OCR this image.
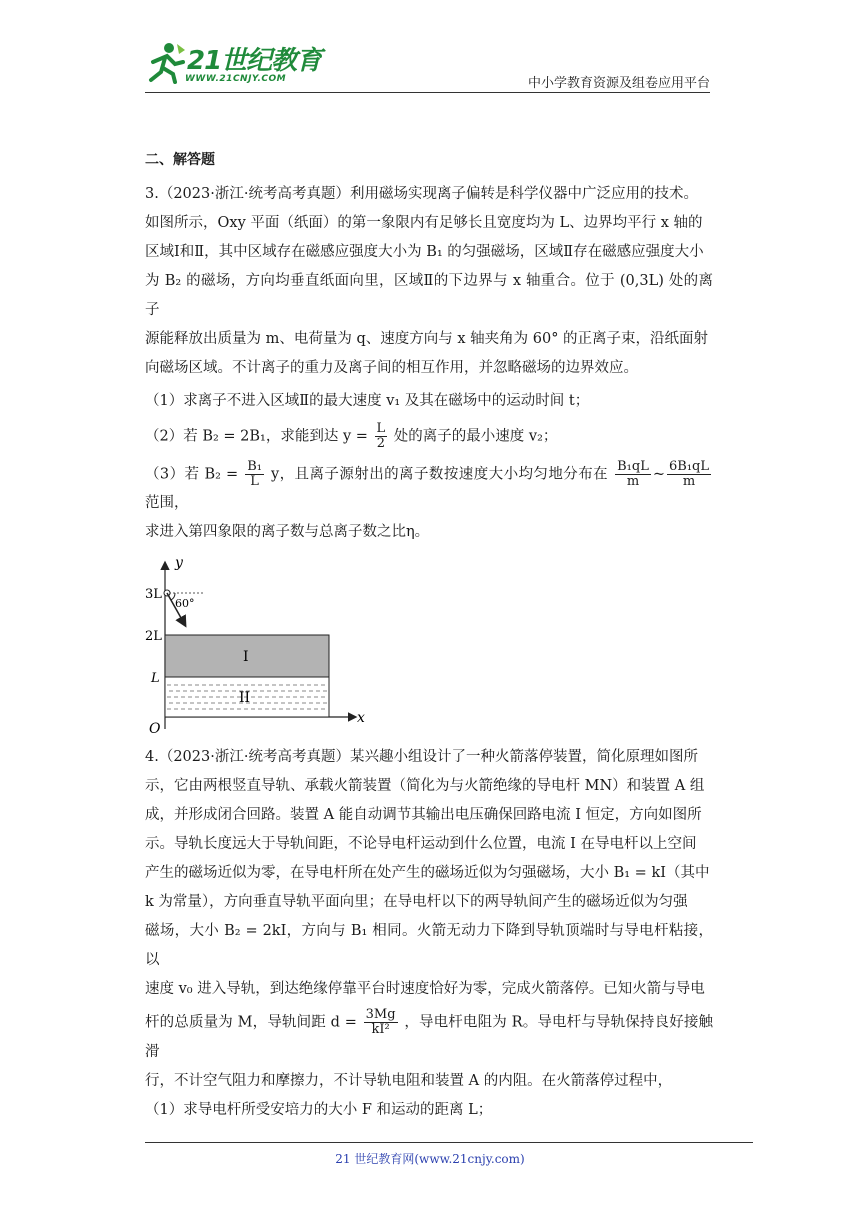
21世纪教育
WWW.21CNJY.COM	中小学教育资源及组卷应用平台
二、解答题

3.（2023·浙江·统考高考真题）利用磁场实现离子偏转是科学仪器中广泛应用的技术。

如图所示，Oxy 平面（纸面）的第一象限内有足够长且宽度均为 L、边界均平行 x 轴的

区域Ⅰ和Ⅱ，其中区域存在磁感应强度大小为 B₁ 的匀强磁场，区域Ⅱ存在磁感应强度大小

为 B₂ 的磁场，方向均垂直纸面向里，区域Ⅱ的下边界与 x 轴重合。位于 (0,3L) 处的离子

源能释放出质量为 m、电荷量为 q、速度方向与 x 轴夹角为 60° 的正离子束，沿纸面射

向磁场区域。不计离子的重力及离子间的相互作用，并忽略磁场的边界效应。

（1）求离子不进入区域Ⅱ的最大速度 v₁ 及其在磁场中的运动时间 t；

（2）若 B₂ = 2B₁，求能到达 $y = \frac{L}{2}$ 处的离子的最小速度 v₂；

（3）若 $B_2 = \frac{\text{B₁}}{L}$ y，且离子源射出的离子数按速度大小均匀地分布在 $\frac{\text{B₁qL}}{m}$ ~ $\frac{\text{6B₁qL}}{m}$
范围，

求进入第四象限的离子数与总离子数之比η。

y
x
O
3L
2L
L
60°
I
II

4.（2023·浙江·统考高考真题）某兴趣小组设计了一种火箭落停装置，简化原理如图所

示，它由两根竖直导轨、承载火箭装置（简化为与火箭绝缘的导电杆 MN）和装置 A 组

成，并形成闭合回路。装置 A 能自动调节其输出电压确保回路电流 I 恒定，方向如图所

示。导轨长度远大于导轨间距，不论导电杆运动到什么位置，电流 I 在导电杆以上空间

产生的磁场近似为零，在导电杆所在处产生的磁场近似为匀强磁场，大小 B₁ = kI（其中

k 为常量），方向垂直导轨平面向里；在导电杆以下的两导轨间产生的磁场近似为匀强

磁场，大小 B₂ = 2kI，方向与 B₁ 相同。火箭无动力下降到导轨顶端时与导电杆粘接，以

速度 v₀ 进入导轨，到达绝缘停靠平台时速度恰好为零，完成火箭落停。已知火箭与导电

杆的总质量为 M，导轨间距 $d = \frac{3Mg}{\text{kI²}}$ ，导电杆电阻为 R。导电杆与导轨保持良好接触滑

行，不计空气阻力和摩擦力，不计导轨电阻和装置 A 的内阻。在火箭落停过程中，

（1）求导电杆所受安培力的大小 F 和运动的距离 L；

21 世纪教育网(www.21cnjy.com)
